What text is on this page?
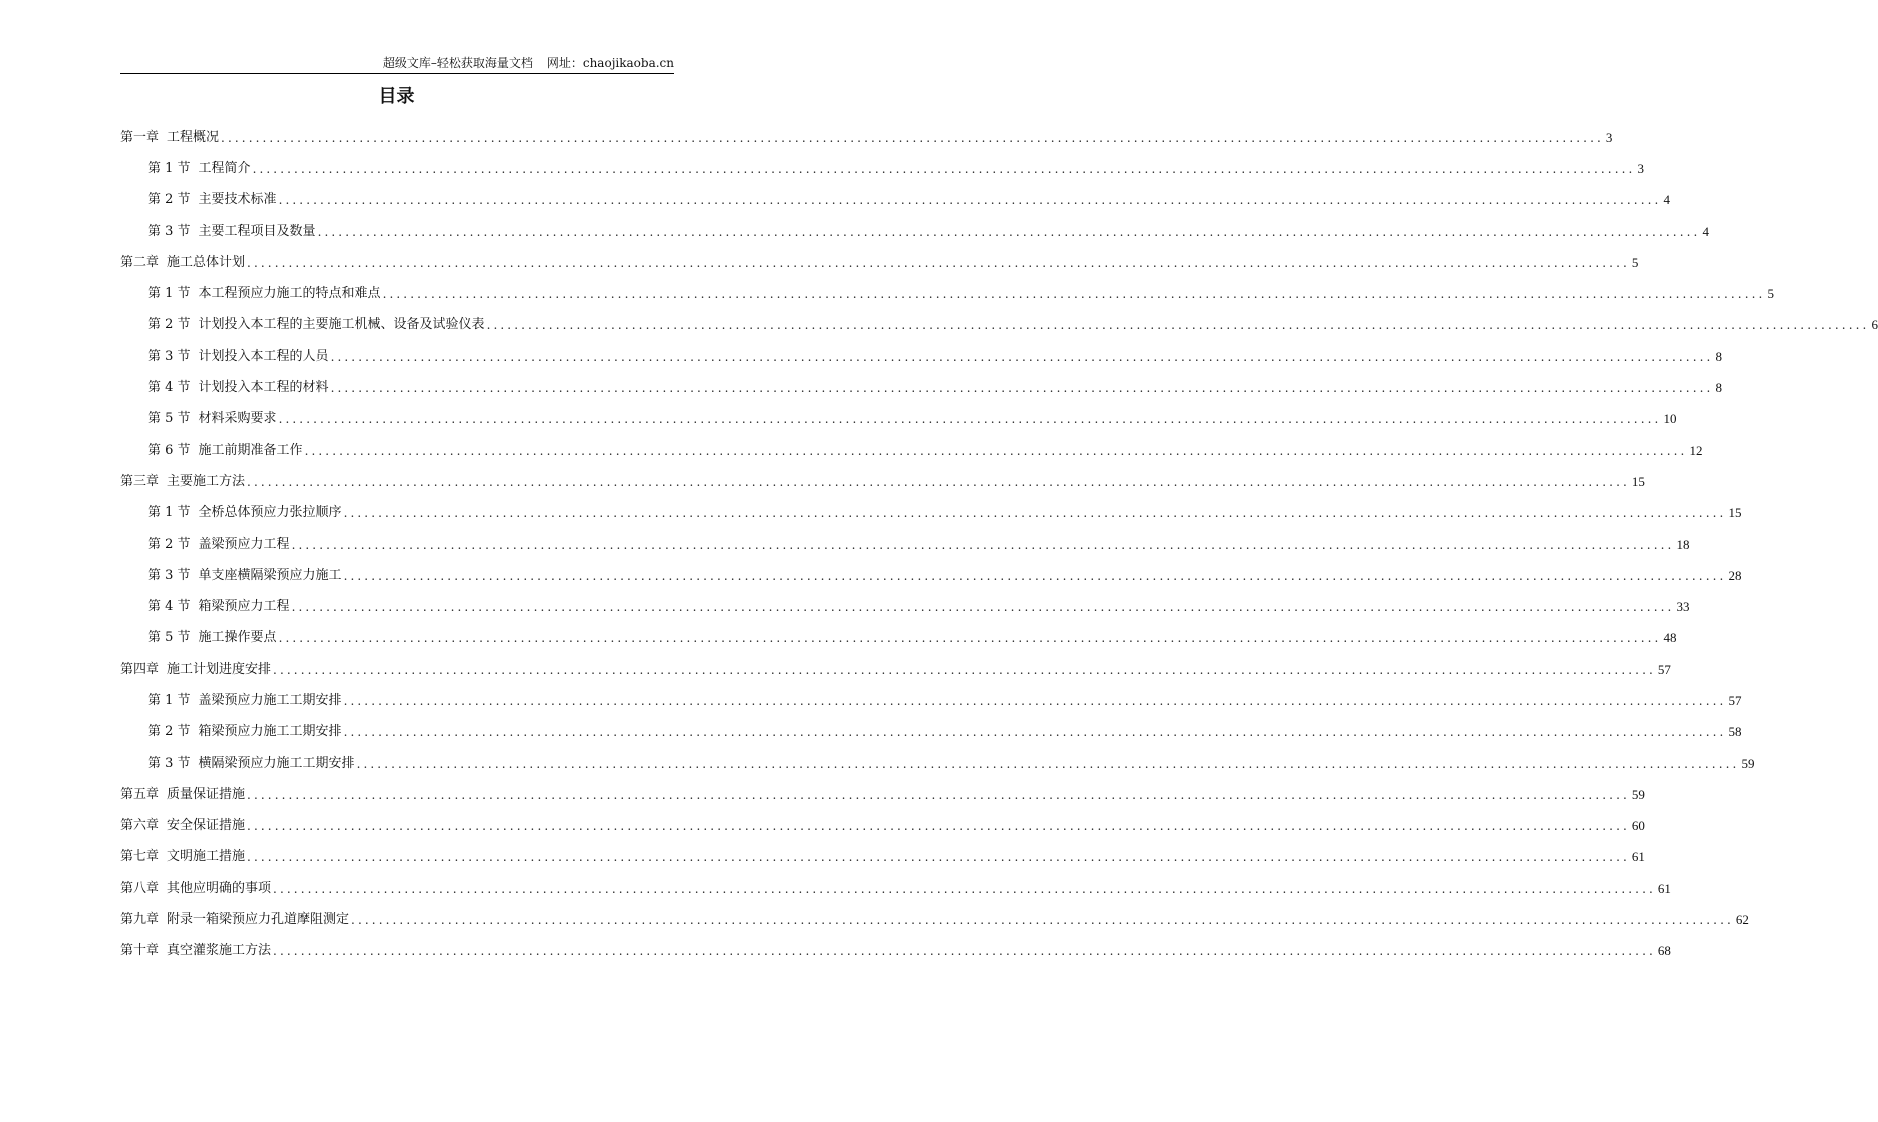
超级文库–轻松获取海量文档 网址：chaojikaoba.cn
目录
第一章 工程概况 ........................................................................................................................................................................................................ 3
第 1 节 工程简介 ........................................................................................................................................................................................................ 3
第 2 节 主要技术标准 ........................................................................................................................................................................................................ 4
第 3 节 主要工程项目及数量 ........................................................................................................................................................................................................ 4
第二章 施工总体计划 ........................................................................................................................................................................................................ 5
第 1 节 本工程预应力施工的特点和难点 ........................................................................................................................................................................................................ 5
第 2 节 计划投入本工程的主要施工机械、设备及试验仪表 ........................................................................................................................................................................................................ 6
第 3 节 计划投入本工程的人员 ........................................................................................................................................................................................................ 8
第 4 节 计划投入本工程的材料 ........................................................................................................................................................................................................ 8
第 5 节 材料采购要求 ........................................................................................................................................................................................................ 10
第 6 节 施工前期准备工作 ........................................................................................................................................................................................................ 12
第三章 主要施工方法 ........................................................................................................................................................................................................ 15
第 1 节 全桥总体预应力张拉顺序 ........................................................................................................................................................................................................ 15
第 2 节 盖梁预应力工程 ........................................................................................................................................................................................................ 18
第 3 节 单支座横隔梁预应力施工 ........................................................................................................................................................................................................ 28
第 4 节 箱梁预应力工程 ........................................................................................................................................................................................................ 33
第 5 节 施工操作要点 ........................................................................................................................................................................................................ 48
第四章 施工计划进度安排 ........................................................................................................................................................................................................ 57
第 1 节 盖梁预应力施工工期安排 ........................................................................................................................................................................................................ 57
第 2 节 箱梁预应力施工工期安排 ........................................................................................................................................................................................................ 58
第 3 节 横隔梁预应力施工工期安排 ........................................................................................................................................................................................................ 59
第五章 质量保证措施 ........................................................................................................................................................................................................ 59
第六章 安全保证措施 ........................................................................................................................................................................................................ 60
第七章 文明施工措施 ........................................................................................................................................................................................................ 61
第八章 其他应明确的事项 ........................................................................................................................................................................................................ 61
第九章 附录一箱梁预应力孔道摩阻测定 ........................................................................................................................................................................................................ 62
第十章 真空灌浆施工方法 ........................................................................................................................................................................................................ 68
